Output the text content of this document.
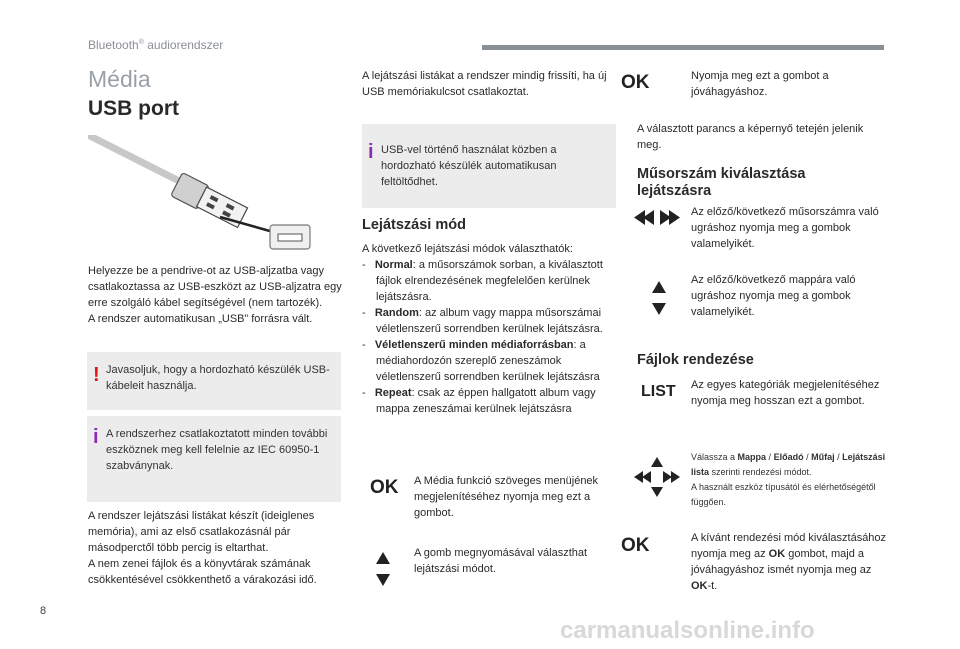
Bluetooth® audiorendszer
Média
USB port
Helyezze be a pendrive-ot az USB-aljzatba vagy csatlakoztassa az USB-eszközt az USB-aljzatra egy erre szolgáló kábel segítségével (nem tartozék).
A rendszer automatikusan „USB” forrásra vált.
! Javasoljuk, hogy a hordozható készülék USB-kábeleit használja.
i A rendszerhez csatlakoztatott minden további eszköznek meg kell felelnie az IEC 60950-1 szabványnak.
A rendszer lejátszási listákat készít (ideiglenes memória), ami az első csatlakozásnál pár másodperctől több percig is eltarthat.
A nem zenei fájlok és a könyvtárak számának csökkentésével csökkenthető a várakozási idő.
A lejátszási listákat a rendszer mindig frissíti, ha új USB memóriakulcsot csatlakoztat.
i USB-vel történő használat közben a hordozható készülék automatikusan feltöltődhet.
Lejátszási mód
A következő lejátszási módok választhatók:
-   Normal: a műsorszámok sorban, a kiválasztott fájlok elrendezésének megfelelően kerülnek lejátszásra.
-   Random: az album vagy mappa műsorszámai véletlenszerű sorrendben kerülnek lejátszásra.
-   Véletlenszerű minden médiaforrásban: a médiahordozón szereplő zeneszámok véletlenszerű sorrendben kerülnek lejátszásra
-   Repeat: csak az éppen hallgatott album vagy mappa zeneszámai kerülnek lejátszásra
OK A Média funkció szöveges menüjének megjelenítéséhez nyomja meg ezt a gombot.
A gomb megnyomásával választhat lejátszási módot.
OK	Nyomja meg ezt a gombot a jóváhagyáshoz.
A választott parancs a képernyő tetején jelenik meg.
Műsorszám kiválasztása
lejátszásra
Az előző/következő műsorszámra való ugráshoz nyomja meg a gombok valamelyikét.
Az előző/következő mappára való ugráshoz nyomja meg a gombok valamelyikét.
Fájlok rendezése
LIST Az egyes kategóriák megjelenítéséhez nyomja meg hosszan ezt a gombot.
Válassza a Mappa / Előadó / Műfaj / Lejátszási lista szerinti rendezési módot.
A használt eszköz típusától és elérhetőségétől függően.
OK	A kívánt rendezési mód kiválasztásához nyomja meg az OK gombot, majd a jóváhagyáshoz ismét nyomja meg az OK-t.
8
carmanualsonline.info
